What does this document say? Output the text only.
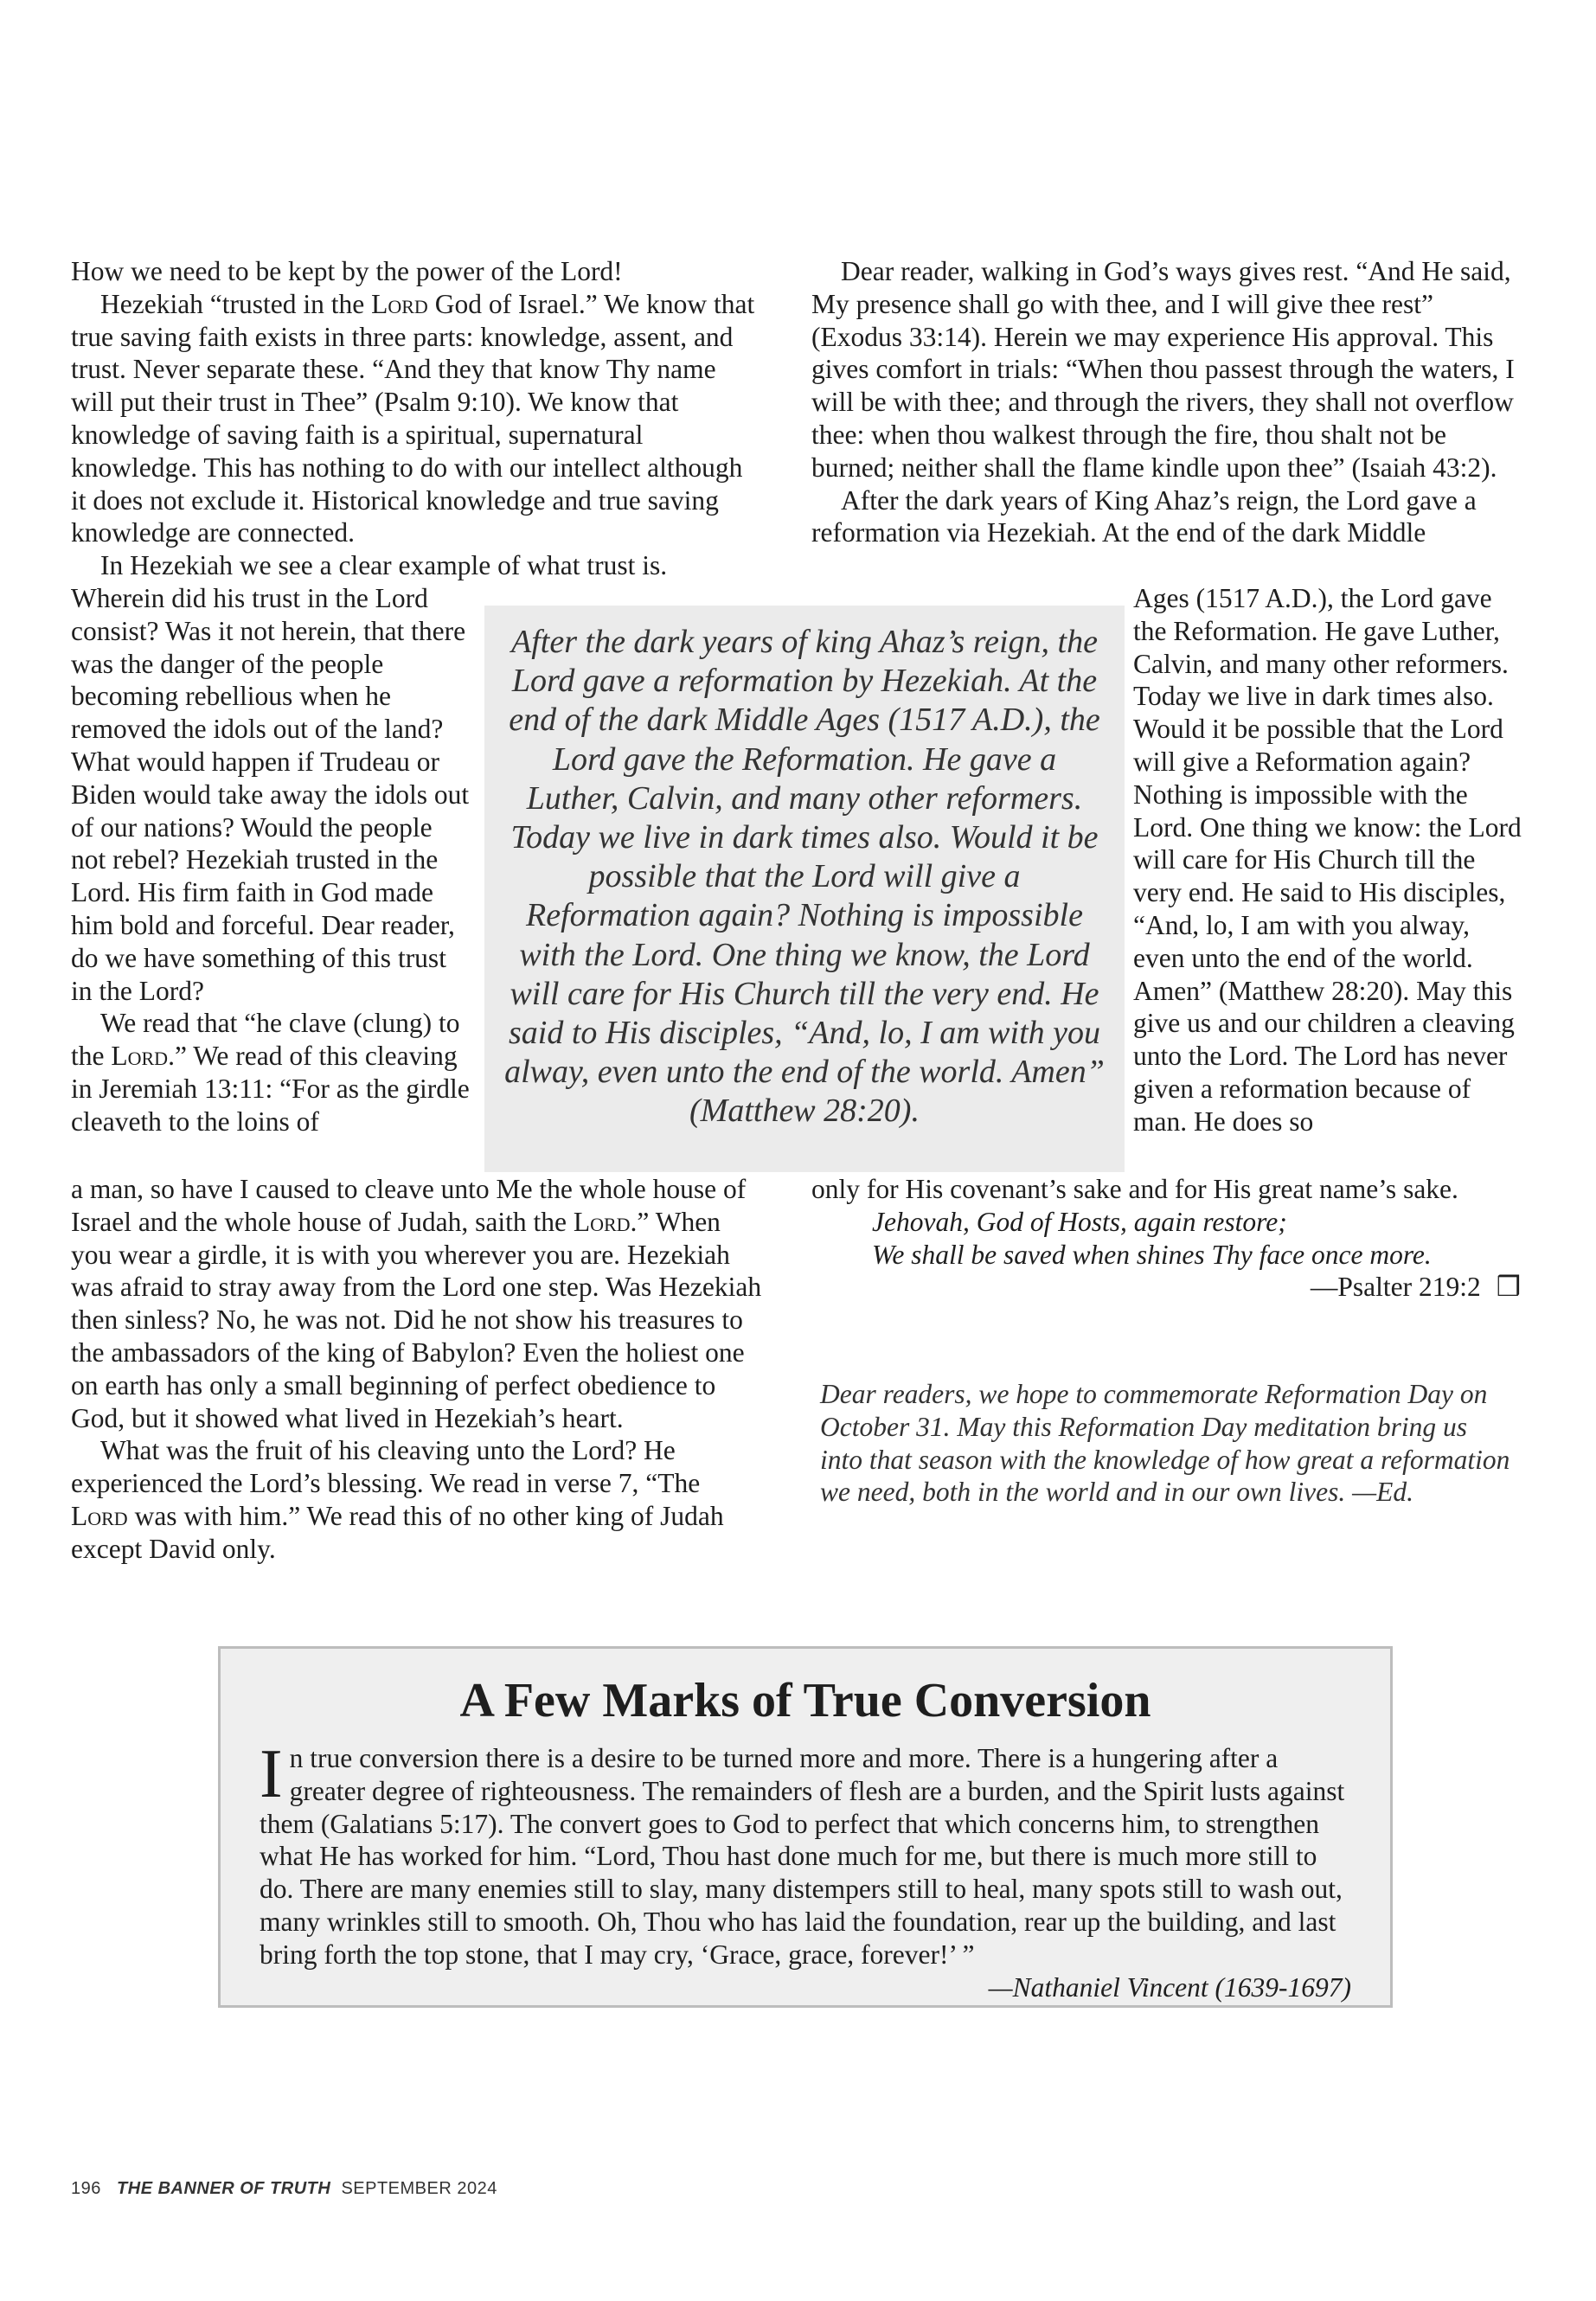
How we need to be kept by the power of the Lord!

Hezekiah “trusted in the Lord God of Israel.” We know that true saving faith exists in three parts: knowledge, assent, and trust. Never separate these. “And they that know Thy name will put their trust in Thee” (Psalm 9:10). We know that knowledge of saving faith is a spiritual, supernatural knowledge. This has nothing to do with our intellect although it does not exclude it. Historical knowledge and true saving knowledge are connected.

In Hezekiah we see a clear example of what trust is.

Wherein did his trust in the Lord consist? Was it not herein, that there was the danger of the people becoming rebellious when he removed the idols out of the land? What would happen if Trudeau or Biden would take away the idols out of our nations? Would the people not rebel? Hezekiah trusted in the Lord. His firm faith in God made him bold and forceful. Dear reader, do we have something of this trust in the Lord?

We read that “he clave (clung) to the Lord.” We read of this cleaving in Jeremiah 13:11: “For as the girdle cleaveth to the loins of

a man, so have I caused to cleave unto Me the whole house of Israel and the whole house of Judah, saith the Lord.” When you wear a girdle, it is with you wherever you are. Hezekiah was afraid to stray away from the Lord one step. Was Hezekiah then sinless? No, he was not. Did he not show his treasures to the ambassadors of the king of Babylon? Even the holiest one on earth has only a small beginning of perfect obedience to God, but it showed what lived in Hezekiah’s heart.

What was the fruit of his cleaving unto the Lord? He experienced the Lord’s blessing. We read in verse 7, “The Lord was with him.” We read this of no other king of Judah except David only.

Dear reader, walking in God’s ways gives rest. “And He said, My presence shall go with thee, and I will give thee rest” (Exodus 33:14). Herein we may experience His approval. This gives comfort in trials: “When thou passest through the waters, I will be with thee; and through the rivers, they shall not overflow thee: when thou walkest through the fire, thou shalt not be burned; neither shall the flame kindle upon thee” (Isaiah 43:2).

After the dark years of King Ahaz’s reign, the Lord gave a reformation via Hezekiah. At the end of the dark Middle

Ages (1517 A.D.), the Lord gave the Reformation. He gave Luther, Calvin, and many other reformers. Today we live in dark times also. Would it be possible that the Lord will give a Reformation again? Nothing is impossible with the Lord. One thing we know: the Lord will care for His Church till the very end. He said to His disciples, “And, lo, I am with you alway, even unto the end of the world. Amen” (Matthew 28:20). May this give us and our children a cleaving unto the Lord. The Lord has never given a reformation because of man. He does so

only for His covenant’s sake and for His great name’s sake.

Jehovah, God of Hosts, again restore;

We shall be saved when shines Thy face once more.

—Psalter 219:2 ❒

Dear readers, we hope to commemorate Reformation Day on October 31. May this Reformation Day meditation bring us into that season with the knowledge of how great a reformation we need, both in the world and in our own lives. —Ed.

After the dark years of king Ahaz’s reign, the Lord gave a reformation by Hezekiah. At the end of the dark Middle Ages (1517 A.D.), the Lord gave the Reformation. He gave a Luther, Calvin, and many other reformers. Today we live in dark times also. Would it be possible that the Lord will give a Reformation again? Nothing is impossible with the Lord. One thing we know, the Lord will care for His Church till the very end. He said to His disciples, “And, lo, I am with you alway, even unto the end of the world. Amen” (Matthew 28:20).

A Few Marks of True Conversion

In true conversion there is a desire to be turned more and more. There is a hungering after a greater degree of righteousness. The remainders of flesh are a burden, and the Spirit lusts against them (Galatians 5:17). The convert goes to God to perfect that which concerns him, to strengthen what He has worked for him. “Lord, Thou hast done much for me, but there is much more still to do. There are many enemies still to slay, many distempers still to heal, many spots still to wash out, many wrinkles still to smooth. Oh, Thou who has laid the foundation, rear up the building, and last bring forth the top stone, that I may cry, ‘Grace, grace, forever!’ ”

—Nathaniel Vincent (1639-1697)

196 THE BANNER OF TRUTH SEPTEMBER 2024
